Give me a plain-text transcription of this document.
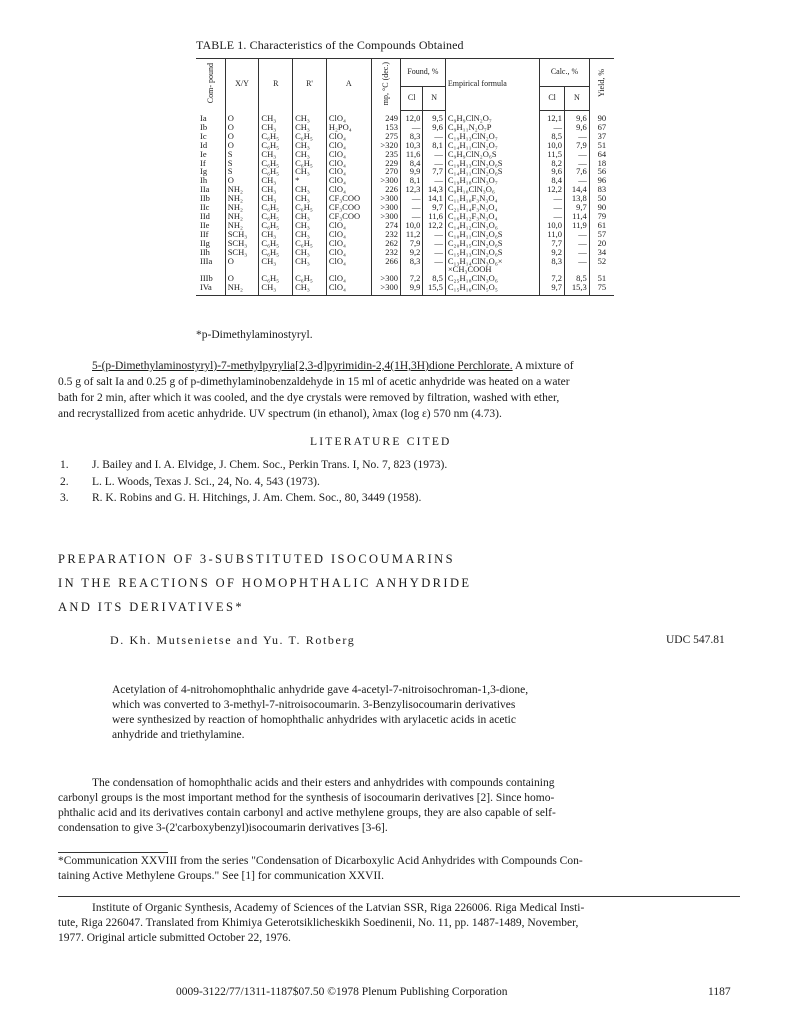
TABLE 1. Characteristics of the Compounds Obtained
Com- pound	X/Y	R	R'	A	mp, °C (dec.)	Found, %		Empirical formula	Calc., %		Yield, %
						Cl	N		Cl	N	
Ia	O	CH₃	CH₃	ClO₄	249	12,0	9,5	C₉H₉ClN₂O₇	12,1	9,6	90
Ib	O	CH₃	CH₃	H₂PO₄	153	—	9,6	C₉H₁₁N₂O₇P	—	9,6	67
Ic	O	C₆H₅	C₆H₅	ClO₄	275	8,3	—	C₁₉H₁₃ClN₂O₇	8,5	—	37
Id	O	C₆H₅	CH₃	ClO₄	>320	10,3	8,1	C₁₄H₁₁ClN₂O₇	10,0	7,9	51
Ie	S	CH₃	CH₃	ClO₄	235	11,6	—	C₉H₉ClN₂O₆S	11,5	—	64
If	S	C₆H₅	C₆H₅	ClO₄	229	8,4	—	C₁₉H₁₃ClN₂O₆S	8,2	—	18
Ig	S	C₆H₅	CH₃	ClO₄	270	9,9	7,7	C₁₄H₁₁ClN₂O₆S	9,6	7,6	56
Ih	O	CH₃	*	ClO₄	>300	8,1	—	C₁₉H₁₈ClN₃O₇	8,4	—	96
IIa	NH₂	CH₃	CH₃	ClO₄	226	12,3	14,3	C₉H₁₀ClN₃O₆	12,2	14,4	83
IIb	NH₂	CH₃	CH₃	CF₃COO	>300	—	14,1	C₁₁H₁₀F₃N₃O₄	—	13,8	50
IIc	NH₂	C₆H₅	C₆H₅	CF₃COO	>300	—	9,7	C₂₁H₁₄F₃N₃O₄	—	9,7	90
IId	NH₂	C₆H₅	CH₃	CF₃COO	>300	—	11,6	C₁₆H₁₂F₃N₃O₄	—	11,4	79
IIe	NH₂	C₆H₅	CH₃	ClO₄	274	10,0	12,2	C₁₄H₁₂ClN₃O₆	10,0	11,9	61
IIf	SCH₃	CH₃	CH₃	ClO₄	232	11,2	—	C₁₀H₁₁ClN₂O₆S	11,0	—	57
IIg	SCH₃	C₆H₅	C₆H₅	ClO₄	262	7,9	—	C₂₀H₁₅ClN₂O₆S	7,7	—	20
IIh	SCH₃	C₆H₅	CH₃	ClO₄	232	9,2	—	C₁₅H₁₃ClN₂O₆S	9,2	—	34
IIIa	O	CH₃	CH₃	ClO₄	266	8,3	—	C₁₃H₁₄ClN₃O₆×	8,3	—	52
								×CH₃COOH			
IIIb	O	C₆H₅	C₆H₅	ClO₄	>300	7,2	8,5	C₂₅H₁₈ClN₃O₆	7,2	8,5	51
IVa	NH₂	CH₃	CH₃	ClO₄	>300	9,9	15,5	C₁₅H₁₆ClN₅O₅	9,7	15,3	75
*p-Dimethylaminostyryl.
5-(p-Dimethylaminostyryl)-7-methylpyrylia[2,3-d]pyrimidin-2,4(1H,3H)dione Perchlorate. A mixture of
0.5 g of salt Ia and 0.25 g of p-dimethylaminobenzaldehyde in 15 ml of acetic anhydride was heated on a water
bath for 2 min, after which it was cooled, and the dye crystals were removed by filtration, washed with ether,
and recrystallized from acetic anhydride. UV spectrum (in ethanol), λmax (log ε) 570 nm (4.73).
LITERATURE CITED
1. J. Bailey and I. A. Elvidge, J. Chem. Soc., Perkin Trans. I, No. 7, 823 (1973).
2. L. L. Woods, Texas J. Sci., 24, No. 4, 543 (1973).
3. R. K. Robins and G. H. Hitchings, J. Am. Chem. Soc., 80, 3449 (1958).
PREPARATION OF 3-SUBSTITUTED ISOCOUMARINS
IN THE REACTIONS OF HOMOPHTHALIC ANHYDRIDE
AND ITS DERIVATIVES*
D. Kh. Mutsenietse and Yu. T. Rotberg	UDC 547.81
Acetylation of 4-nitrohomophthalic anhydride gave 4-acetyl-7-nitroisochroman-1,3-dione,
which was converted to 3-methyl-7-nitroisocoumarin. 3-Benzylisocoumarin derivatives
were synthesized by reaction of homophthalic anhydrides with arylacetic acids in acetic
anhydride and triethylamine.
The condensation of homophthalic acids and their esters and anhydrides with compounds containing
carbonyl groups is the most important method for the synthesis of isocoumarin derivatives [2]. Since homo-
phthalic acid and its derivatives contain carbonyl and active methylene groups, they are also capable of self-
condensation to give 3-(2'carboxybenzyl)isocoumarin derivatives [3-6].
*Communication XXVIII from the series "Condensation of Dicarboxylic Acid Anhydrides with Compounds Con-
taining Active Methylene Groups." See [1] for communication XXVII.
Institute of Organic Synthesis, Academy of Sciences of the Latvian SSR, Riga 226006. Riga Medical Insti-
tute, Riga 226047. Translated from Khimiya Geterotsiklicheskikh Soedinenii, No. 11, pp. 1487-1489, November,
1977. Original article submitted October 22, 1976.
0009-3122/77/1311-1187$07.50 ©1978 Plenum Publishing Corporation	1187
